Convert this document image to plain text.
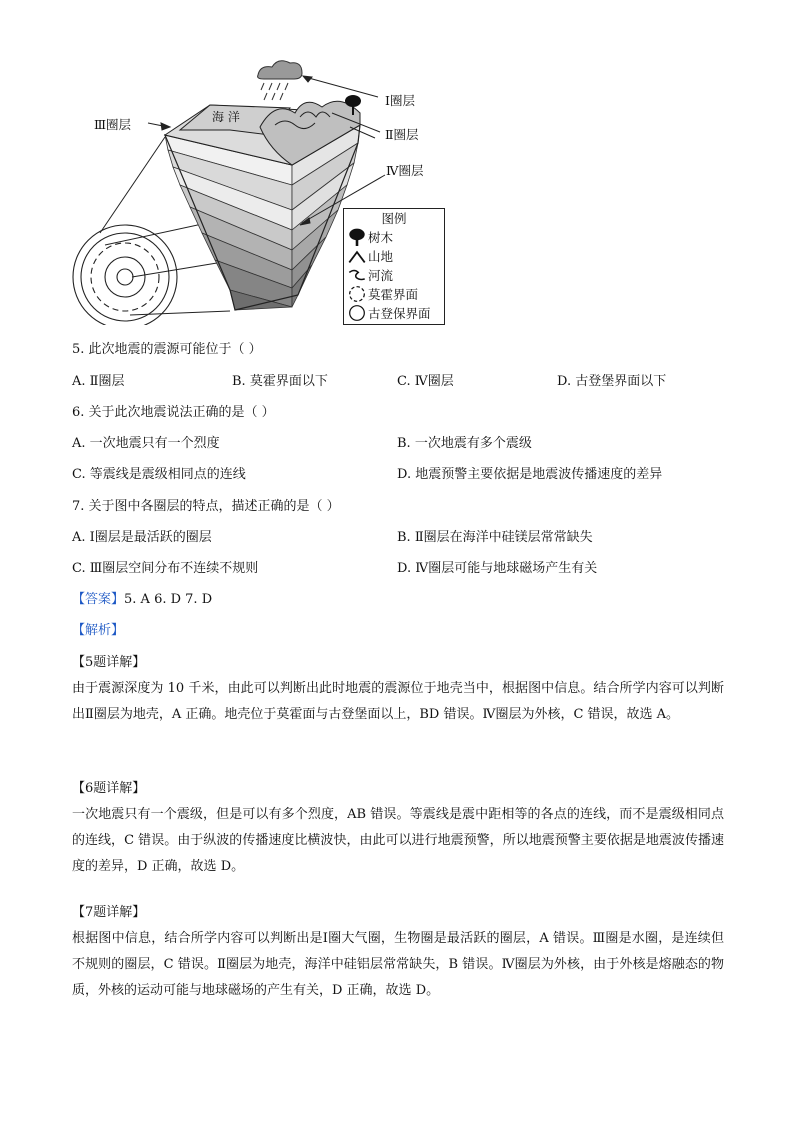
Ⅰ圈层
Ⅱ圈层
Ⅲ圈层
Ⅳ圈层
海 洋
图例
树木
山地
河流
莫霍界面
古登保界面
5. 此次地震的震源可能位于（ ）
A. Ⅱ圈层	B. 莫霍界面以下	C. Ⅳ圈层	D. 古登堡界面以下
6. 关于此次地震说法正确的是（ ）
A. 一次地震只有一个烈度	B. 一次地震有多个震级
C. 等震线是震级相同点的连线	D. 地震预警主要依据是地震波传播速度的差异
7. 关于图中各圈层的特点，描述正确的是（ ）
A. Ⅰ圈层是最活跃的圈层	B. Ⅱ圈层在海洋中硅镁层常常缺失
C. Ⅲ圈层空间分布不连续不规则	D. Ⅳ圈层可能与地球磁场产生有关
【答案】5. A 6. D 7. D
【解析】
【5题详解】
由于震源深度为 10 千米，由此可以判断出此时地震的震源位于地壳当中，根据图中信息。结合所学内容可以判断出Ⅱ圈层为地壳，A 正确。地壳位于莫霍面与古登堡面以上，BD 错误。Ⅳ圈层为外核，C 错误，故选 A。
【6题详解】
一次地震只有一个震级，但是可以有多个烈度，AB 错误。等震线是震中距相等的各点的连线，而不是震级相同点的连线，C 错误。由于纵波的传播速度比横波快，由此可以进行地震预警，所以地震预警主要依据是地震波传播速度的差异，D 正确，故选 D。
【7题详解】
根据图中信息，结合所学内容可以判断出是Ⅰ圈大气圈，生物圈是最活跃的圈层，A 错误。Ⅲ圈是水圈，是连续但不规则的圈层，C 错误。Ⅱ圈层为地壳，海洋中硅铝层常常缺失，B 错误。Ⅳ圈层为外核，由于外核是熔融态的物质，外核的运动可能与地球磁场的产生有关，D 正确，故选 D。
